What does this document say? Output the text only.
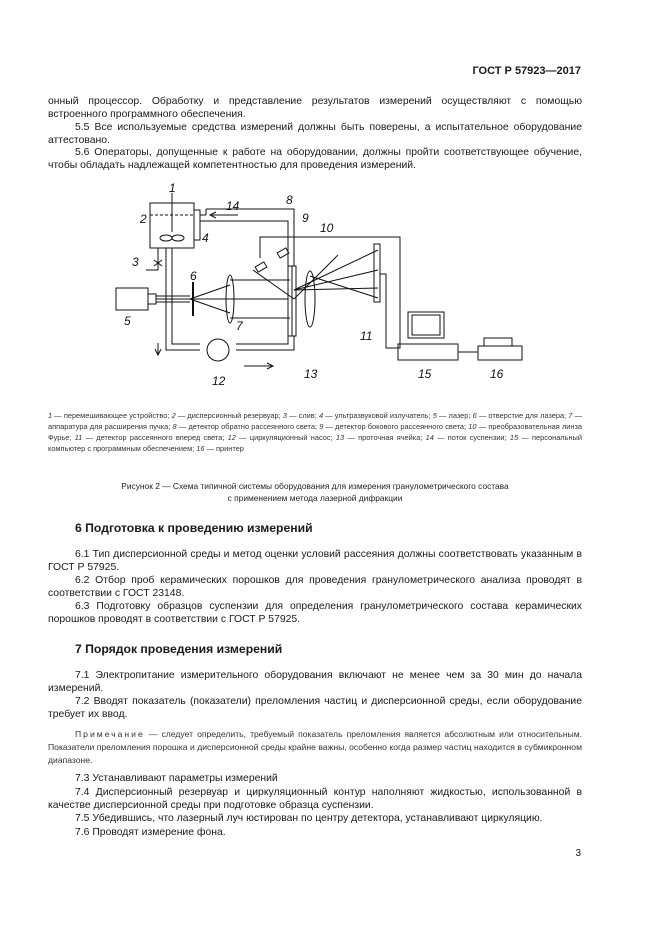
ГОСТ Р 57923—2017
онный процессор. Обработку и представление результатов измерений осуществляют с помощью встроенного программного обеспечения.
5.5 Все используемые средства измерений должны быть поверены, а испытательное оборудование аттестовано.
5.6 Операторы, допущенные к работе на оборудовании, должны пройти соответствующее обучение, чтобы обладать надлежащей компетентностью для проведения измерений.
1
2
3
4
5
6
7
8
9
10
11
12	13
14
15	16
1 — перемешивающее устройство; 2 — дисперсионный резервуар; 3 — слив; 4 — ультразвуковой излучатель; 5 — лазер; 6 — отверстие для лазера; 7 — аппаратура для расширения пучка; 8 — детектор обратно рассеянного света; 9 — детектор бокового рассеянного света; 10 — преобразовательная линза Фурье; 11 — детектор рассеянного вперед света; 12 — циркуляционный насос; 13 — проточная ячейка; 14 — поток суспензии; 15 — персональный компьютер с программным обеспечением; 16 — принтер
Рисунок 2 — Схема типичной системы оборудования для измерения гранулометрического состава
с применением метода лазерной дифракции
6 Подготовка к проведению измерений
6.1 Тип дисперсионной среды и метод оценки условий рассеяния должны соответствовать указанным в ГОСТ Р 57925.
6.2 Отбор проб керамических порошков для проведения гранулометрического анализа проводят в соответствии с ГОСТ 23148.
6.3 Подготовку образцов суспензии для определения гранулометрического состава керамических порошков проводят в соответствии с ГОСТ Р 57925.
7 Порядок проведения измерений
7.1 Электропитание измерительного оборудования включают не менее чем за 30 мин до начала измерений.
7.2 Вводят показатель (показатели) преломления частиц и дисперсионной среды, если оборудование требует их ввод.
Примечание — следует определить, требуемый показатель преломления является абсолютным или относительным. Показатели преломления порошка и дисперсионной среды крайне важны, особенно когда размер частиц находится в субмикронном диапазоне.
7.3 Устанавливают параметры измерений
7.4 Дисперсионный резервуар и циркуляционный контур наполняют жидкостью, использованной в качестве дисперсионной среды при подготовке образца суспензии.
7.5 Убедившись, что лазерный луч юстирован по центру детектора, устанавливают циркуляцию.
7.6 Проводят измерение фона.
3
